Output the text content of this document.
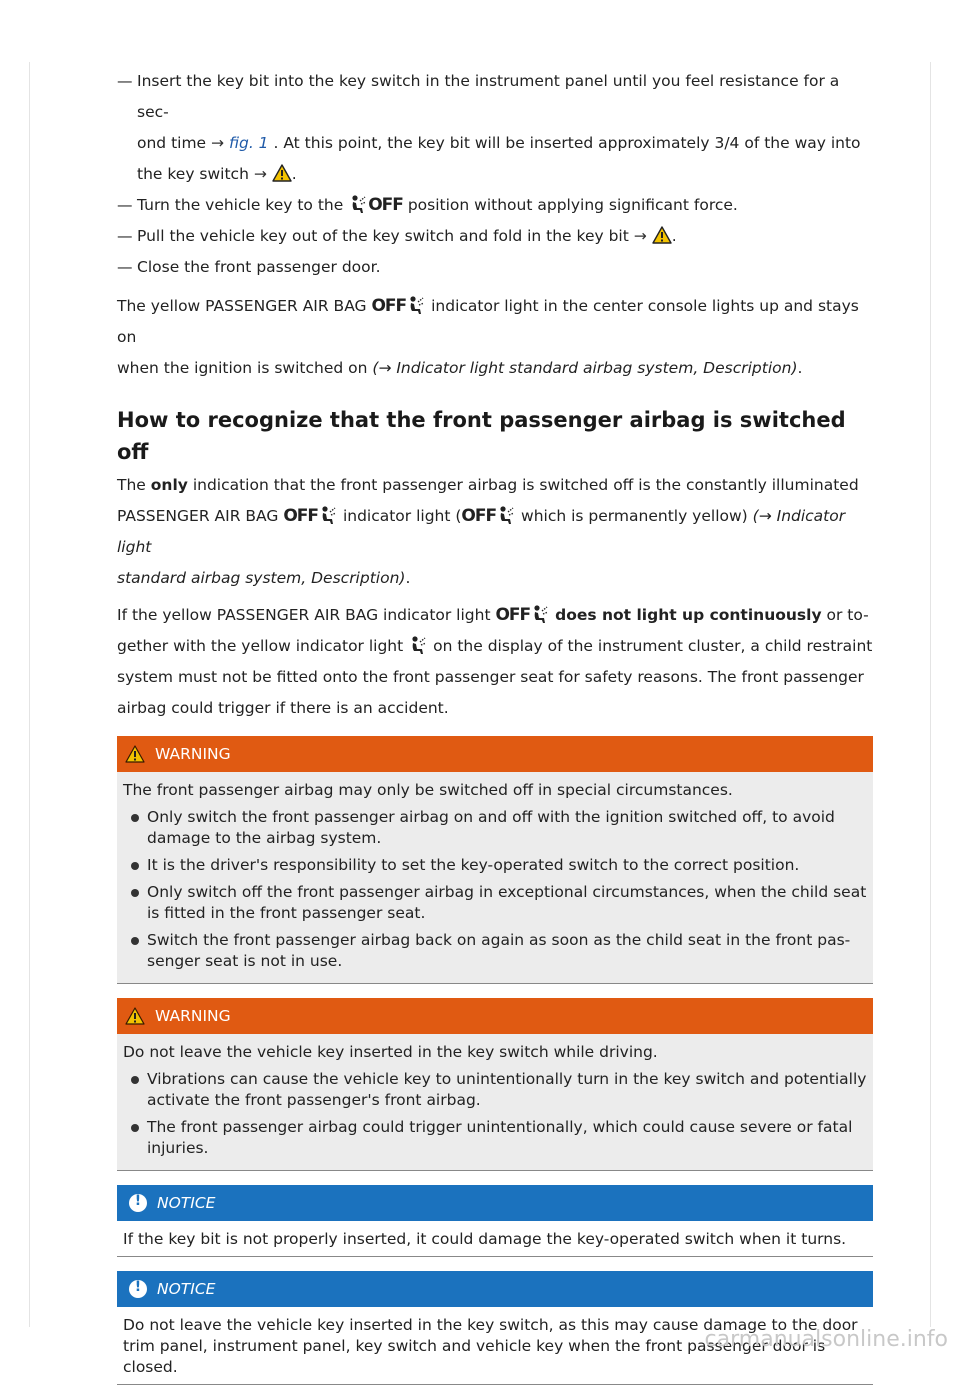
— Insert the key bit into the key switch in the instrument panel until you feel resistance for a sec-
ond time → fig. 1 . At this point, the key bit will be inserted approximately 3/4 of the way into
the key switch → .

— Turn the vehicle key to the OFF position without applying significant force.

— Pull the vehicle key out of the key switch and fold in the key bit → .

— Close the front passenger door.

The yellow PASSENGER AIR BAG OFF indicator light in the center console lights up and stays on
when the ignition is switched on (→ Indicator light standard airbag system, Description).

How to recognize that the front passenger airbag is switched off

The only indication that the front passenger airbag is switched off is the constantly illuminated
PASSENGER AIR BAG OFF indicator light (OFF which is permanently yellow) (→ Indicator light
standard airbag system, Description).

If the yellow PASSENGER AIR BAG indicator light OFF does not light up continuously or to-
gether with the yellow indicator light on the display of the instrument cluster, a child restraint
system must not be fitted onto the front passenger seat for safety reasons. The front passenger
airbag could trigger if there is an accident.

WARNING

The front passenger airbag may only be switched off in special circumstances.

Only switch the front passenger airbag on and off with the ignition switched off, to avoid damage to the airbag system.
It is the driver's responsibility to set the key-operated switch to the correct position.
Only switch off the front passenger airbag in exceptional circumstances, when the child seat is fitted in the front passenger seat.
Switch the front passenger airbag back on again as soon as the child seat in the front pas-senger seat is not in use.
WARNING

Do not leave the vehicle key inserted in the key switch while driving.

Vibrations can cause the vehicle key to unintentionally turn in the key switch and potentially activate the front passenger's front airbag.
The front passenger airbag could trigger unintentionally, which could cause severe or fatal injuries.
!	NOTICE

If the key bit is not properly inserted, it could damage the key-operated switch when it turns.

!	NOTICE

Do not leave the vehicle key inserted in the key switch, as this may cause damage to the door trim panel, instrument panel, key switch and vehicle key when the front passenger door is closed.

carmanualsonline.info
